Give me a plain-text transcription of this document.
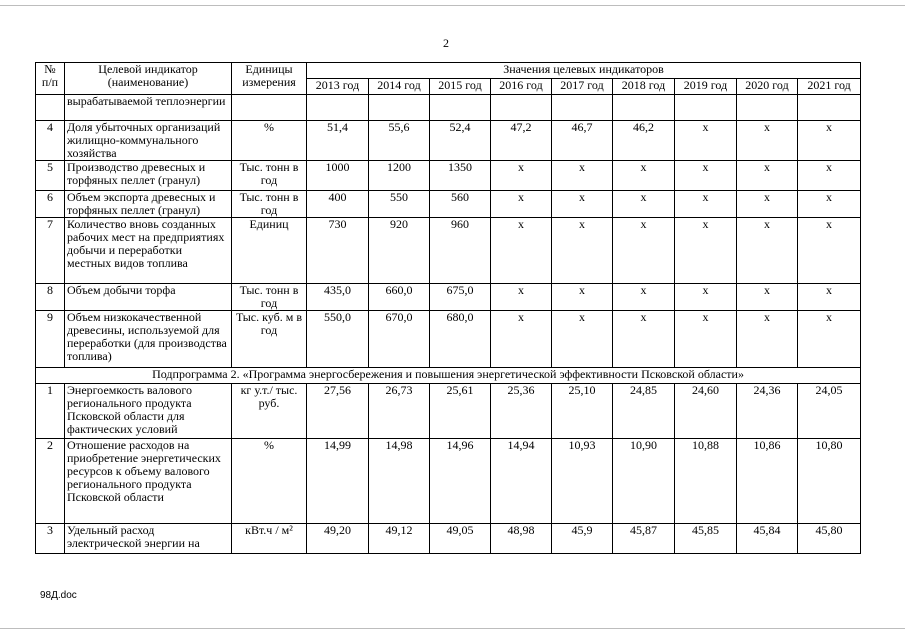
2
№ п/п	Целевой индикатор (наименование)	Единицы измерения	Значения целевых индикаторов								
			2013 год	2014 год	2015 год	2016 год	2017 год	2018 год	2019 год	2020 год	2021 год
	вырабатываемой теплоэнергии										
4	Доля убыточных организаций жилищно-коммунального хозяйства	%	51,4	55,6	52,4	47,2	46,7	46,2	x	x	x
5	Производство древесных и торфяных пеллет (гранул)	Тыс. тонн в год	1000	1200	1350	x	x	x	x	x	x
6	Объем экспорта древесных и торфяных пеллет (гранул)	Тыс. тонн в год	400	550	560	x	x	x	x	x	x
7	Количество вновь созданных рабочих мест на предприятиях добычи и переработки местных видов топлива	Единиц	730	920	960	x	x	x	x	x	x
8	Объем добычи торфа	Тыс. тонн в год	435,0	660,0	675,0	x	x	x	x	x	x
9	Объем низкокачественной древесины, используемой для переработки (для производства топлива)	Тыс. куб. м в год	550,0	670,0	680,0	x	x	x	x	x	x
Подпрограмма 2. «Программа энергосбережения и повышения энергетической эффективности Псковской области»											
1	Энергоемкость валового регионального продукта Псковской области для фактических условий	кг у.т./ тыс. руб.	27,56	26,73	25,61	25,36	25,10	24,85	24,60	24,36	24,05
2	Отношение расходов на приобретение энергетических ресурсов к объему валового регионального продукта Псковской области	%	14,99	14,98	14,96	14,94	10,93	10,90	10,88	10,86	10,80
3	Удельный расход электрической энергии на	кВт.ч / м²	49,20	49,12	49,05	48,98	45,9	45,87	45,85	45,84	45,80
98Д.doc
